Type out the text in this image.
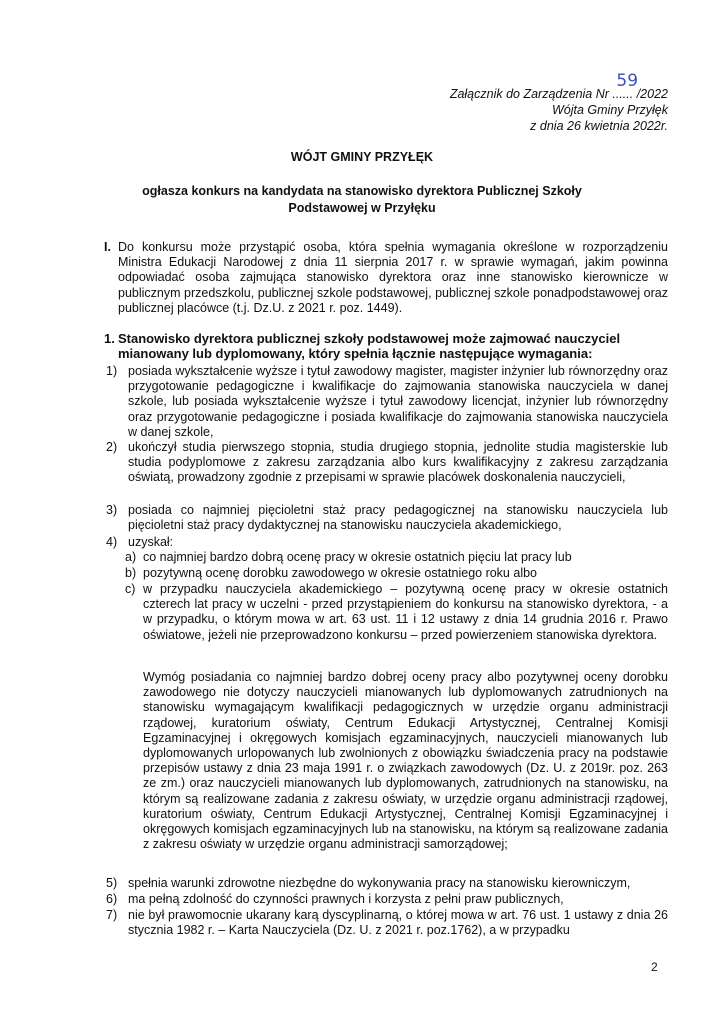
Załącznik do Zarządzenia Nr
59
...... /2022
Wójta Gminy Przyłęk
z dnia 26 kwietnia 2022r.
WÓJT GMINY PRZYŁĘK
ogłasza konkurs na kandydata na stanowisko dyrektora Publicznej Szkoły
Podstawowej w Przyłęku
I. Do konkursu może przystąpić osoba, która spełnia wymagania określone w rozporządzeniu Ministra Edukacji Narodowej z dnia 11 sierpnia 2017 r. w sprawie wymagań, jakim powinna odpowiadać osoba zajmująca stanowisko dyrektora oraz inne stanowisko kierownicze w publicznym przedszkolu, publicznej szkole podstawowej, publicznej szkole ponadpodstawowej oraz publicznej placówce (t.j. Dz.U. z 2021 r. poz. 1449).

1. Stanowisko dyrektora publicznej szkoły podstawowej może zajmować nauczyciel mianowany lub dyplomowany, który spełnia łącznie następujące wymagania:
1) posiada wykształcenie wyższe i tytuł zawodowy magister, magister inżynier lub równorzędny oraz przygotowanie pedagogiczne i kwalifikacje do zajmowania stanowiska nauczyciela w danej szkole, lub posiada wykształcenie wyższe i tytuł zawodowy licencjat, inżynier lub równorzędny oraz przygotowanie pedagogiczne i posiada kwalifikacje do zajmowania stanowiska nauczyciela w danej szkole,

2) ukończył studia pierwszego stopnia, studia drugiego stopnia, jednolite studia magisterskie lub studia podyplomowe z zakresu zarządzania albo kurs kwalifikacyjny z zakresu zarządzania oświatą, prowadzony zgodnie z przepisami w sprawie placówek doskonalenia nauczycieli,

3) posiada co najmniej pięcioletni staż pracy pedagogicznej na stanowisku nauczyciela lub pięcioletni staż pracy dydaktycznej na stanowisku nauczyciela akademickiego,

4) uzyskał:

a) co najmniej bardzo dobrą ocenę pracy w okresie ostatnich pięciu lat pracy lub

b) pozytywną ocenę dorobku zawodowego w okresie ostatniego roku albo

c) w przypadku nauczyciela akademickiego – pozytywną ocenę pracy w okresie ostatnich czterech lat pracy w uczelni - przed przystąpieniem do konkursu na stanowisko dyrektora, - a w przypadku, o którym mowa w art. 63 ust. 11 i 12 ustawy z dnia 14 grudnia 2016 r. Prawo oświatowe, jeżeli nie przeprowadzono konkursu – przed powierzeniem stanowiska dyrektora.

Wymóg posiadania co najmniej bardzo dobrej oceny pracy albo pozytywnej oceny dorobku zawodowego nie dotyczy nauczycieli mianowanych lub dyplomowanych zatrudnionych na stanowisku wymagającym kwalifikacji pedagogicznych w urzędzie organu administracji rządowej, kuratorium oświaty, Centrum Edukacji Artystycznej, Centralnej Komisji Egzaminacyjnej i okręgowych komisjach egzaminacyjnych, nauczycieli mianowanych lub dyplomowanych urlopowanych lub zwolnionych z obowiązku świadczenia pracy na podstawie przepisów ustawy z dnia 23 maja 1991 r. o związkach zawodowych (Dz. U. z 2019r. poz. 263 ze zm.) oraz nauczycieli mianowanych lub dyplomowanych, zatrudnionych na stanowisku, na którym są realizowane zadania z zakresu oświaty, w urzędzie organu administracji rządowej, kuratorium oświaty, Centrum Edukacji Artystycznej, Centralnej Komisji Egzaminacyjnej i okręgowych komisjach egzaminacyjnych lub na stanowisku, na którym są realizowane zadania z zakresu oświaty w urzędzie organu administracji samorządowej;

5) spełnia warunki zdrowotne niezbędne do wykonywania pracy na stanowisku kierowniczym,

6) ma pełną zdolność do czynności prawnych i korzysta z pełni praw publicznych,

7) nie był prawomocnie ukarany karą dyscyplinarną, o której mowa w art. 76 ust. 1 ustawy z dnia 26 stycznia 1982 r. – Karta Nauczyciela (Dz. U. z 2021 r. poz.1762), a w przypadku

2
